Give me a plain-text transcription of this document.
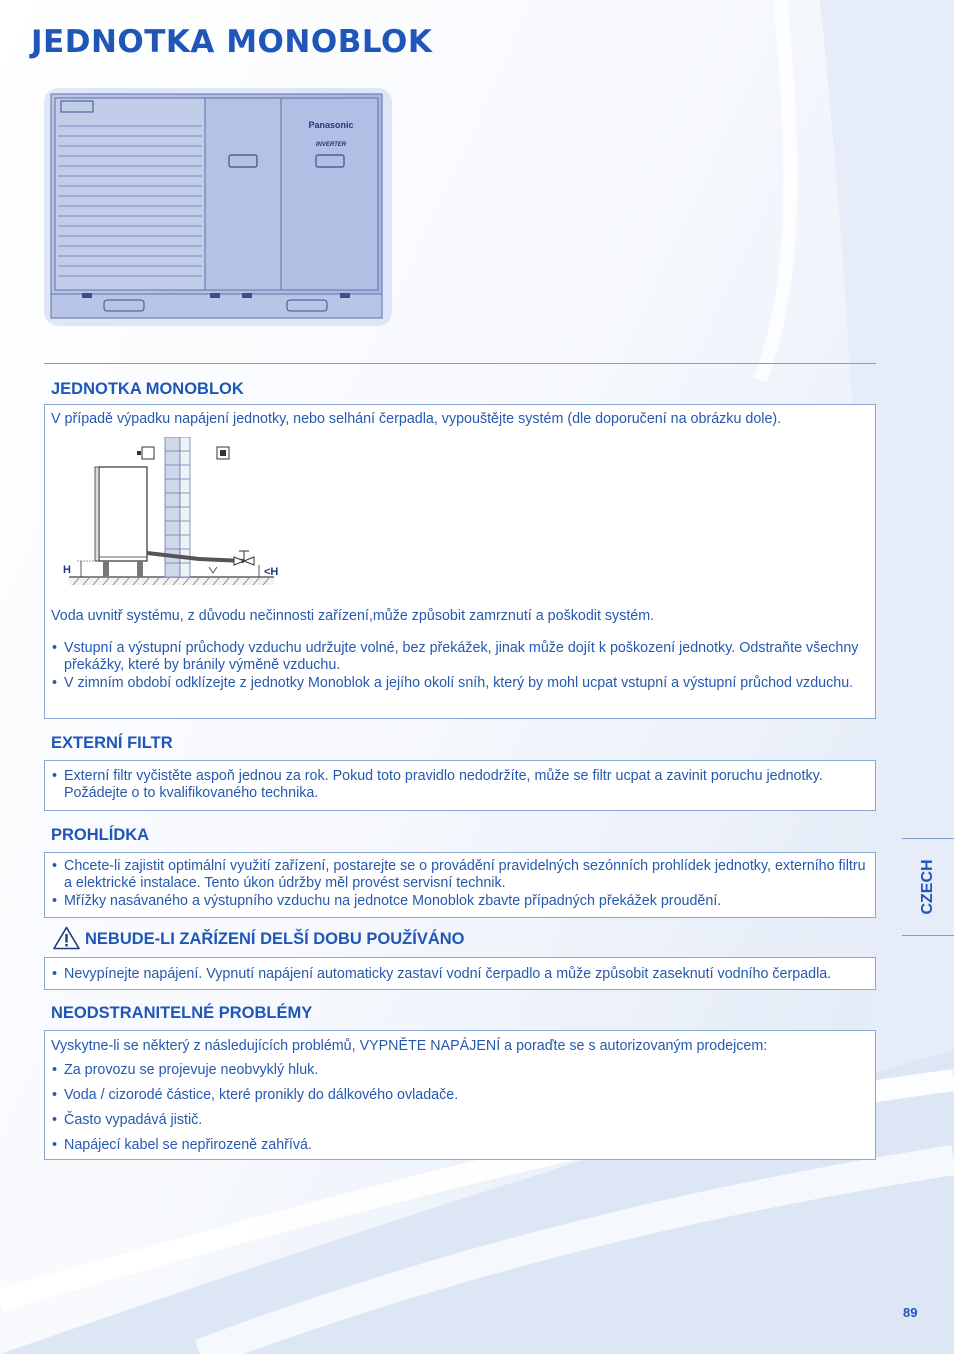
JEDNOTKA MONOBLOK
Panasonic
INVERTER
JEDNOTKA MONOBLOK

V případě výpadku napájení jednotky, nebo selhání čerpadla, vypouštějte systém (dle doporučení na obrázku dole).

H	<H

Voda uvnitř systému, z důvodu nečinnosti zařízení,může způsobit zamrznutí a poškodit systém.

• Vstupní a výstupní průchody vzduchu udržujte volné, bez překážek, jinak může dojít k poškození jednotky. Odstraňte všechny překážky, které by bránily výměně vzduchu.

• V zimním období odklízejte z jednotky Monoblok a jejího okolí sníh, který by mohl ucpat vstupní a výstupní průchod vzduchu.

EXTERNÍ FILTR

• Externí filtr vyčistěte aspoň jednou za rok. Pokud toto pravidlo nedodržíte, může se filtr ucpat a zavinit poruchu jednotky. Požádejte o to kvalifikovaného technika.

PROHLÍDKA

• Chcete-li zajistit optimální využití zařízení, postarejte se o provádění pravidelných sezónních prohlídek jednotky, externího filtru a elektrické instalace. Tento úkon údržby měl provést servisní technik.

• Mřížky nasávaného a výstupního vzduchu na jednotce Monoblok zbavte případných překážek proudění.

NEBUDE-LI ZAŘÍZENÍ DELŠÍ DOBU POUŽÍVÁNO

• Nevypínejte napájení. Vypnutí napájení automaticky zastaví vodní čerpadlo a může způsobit zaseknutí vodního čerpadla.

NEODSTRANITELNÉ PROBLÉMY

Vyskytne-li se některý z následujících problémů, VYPNĚTE NAPÁJENÍ a poraďte se s autorizovaným prodejcem:

• Za provozu se projevuje neobvyklý hluk.

• Voda / cizorodé částice, které pronikly do dálkového ovladače.

• Často vypadává jistič.

• Napájecí kabel se nepřirozeně zahřívá.

CZECH
89
